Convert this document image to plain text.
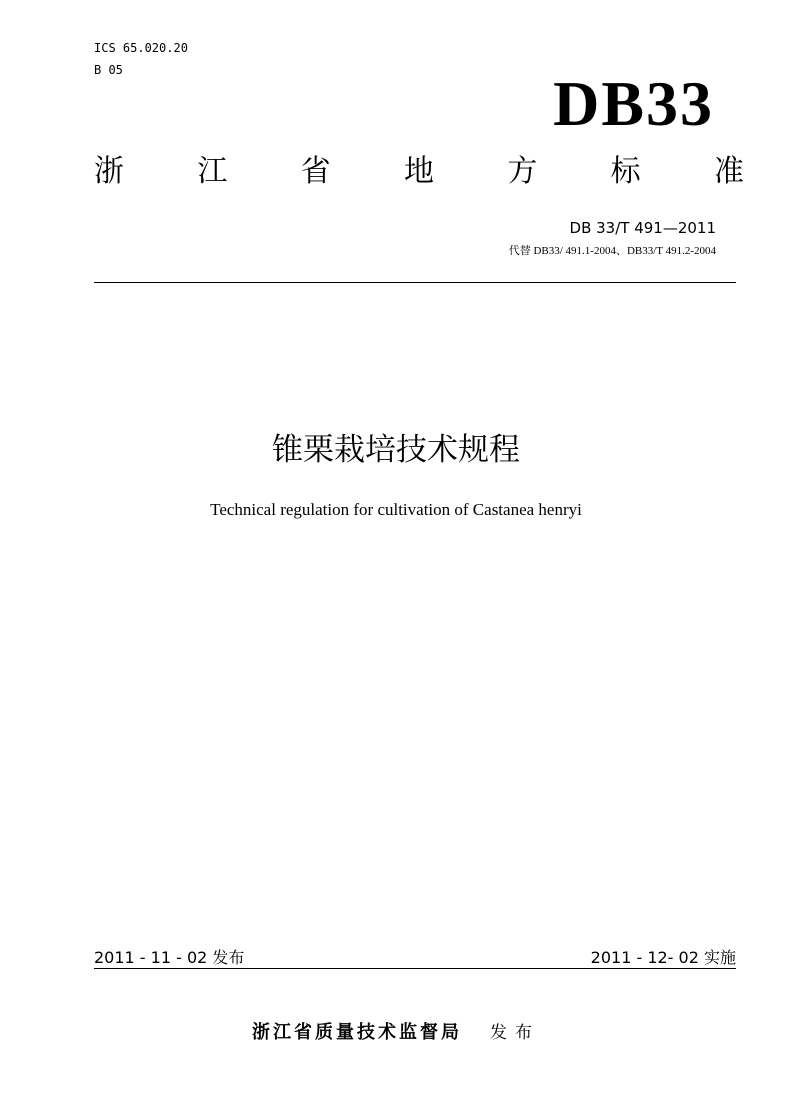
ICS 65.020.20
B 05	DB33
浙 江 省 地 方 标 准
DB 33/T 491—2011
代替 DB33/ 491.1-2004、DB33/T 491.2-2004
锥栗栽培技术规程
Technical regulation for cultivation of Castanea henryi
2011 - 11 - 02 发布	2011 - 12- 02 实施
浙江省质量技术监督局 发布
